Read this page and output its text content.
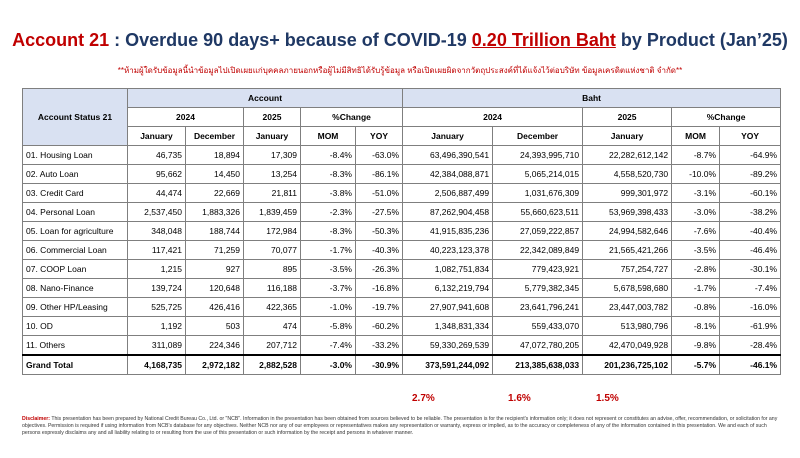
Account 21 : Overdue 90 days+ because of COVID-19 0.20 Trillion Baht by Product (Jan’25)
**ห้ามผู้ใดรับข้อมูลนี้นำข้อมูลไปเปิดเผยแก่บุคคลภายนอกหรือผู้ไม่มีสิทธิได้รับรู้ข้อมูล หรือเปิดเผยผิดจากวัตถุประสงค์ที่ได้แจ้งไว้ต่อบริษัท ข้อมูลเครดิตแห่งชาติ จำกัด**
Account Status 21	Account					Baht				
	2024		2025	%Change		2024		2025	%Change	
	January	December	January	MOM	YOY	January	December	January	MOM	YOY
01. Housing Loan	46,735	18,894	17,309	-8.4%	-63.0%	63,496,390,541	24,393,995,710	22,282,612,142	-8.7%	-64.9%
02. Auto Loan	95,662	14,450	13,254	-8.3%	-86.1%	42,384,088,871	5,065,214,015	4,558,520,730	-10.0%	-89.2%
03. Credit Card	44,474	22,669	21,811	-3.8%	-51.0%	2,506,887,499	1,031,676,309	999,301,972	-3.1%	-60.1%
04. Personal Loan	2,537,450	1,883,326	1,839,459	-2.3%	-27.5%	87,262,904,458	55,660,623,511	53,969,398,433	-3.0%	-38.2%
05. Loan for agriculture	348,048	188,744	172,984	-8.3%	-50.3%	41,915,835,236	27,059,222,857	24,994,582,646	-7.6%	-40.4%
06. Commercial Loan	117,421	71,259	70,077	-1.7%	-40.3%	40,223,123,378	22,342,089,849	21,565,421,266	-3.5%	-46.4%
07. COOP Loan	1,215	927	895	-3.5%	-26.3%	1,082,751,834	779,423,921	757,254,727	-2.8%	-30.1%
08. Nano-Finance	139,724	120,648	116,188	-3.7%	-16.8%	6,132,219,794	5,779,382,345	5,678,598,680	-1.7%	-7.4%
09. Other HP/Leasing	525,725	426,416	422,365	-1.0%	-19.7%	27,907,941,608	23,641,796,241	23,447,003,782	-0.8%	-16.0%
10. OD	1,192	503	474	-5.8%	-60.2%	1,348,831,334	559,433,070	513,980,796	-8.1%	-61.9%
11. Others	311,089	224,346	207,712	-7.4%	-33.2%	59,330,269,539	47,072,780,205	42,470,049,928	-9.8%	-28.4%
Grand Total	4,168,735	2,972,182	2,882,528	-3.0%	-30.9%	373,591,244,092	213,385,638,033	201,236,725,102	-5.7%	-46.1%
2.7%	1.6%	1.5%
Disclaimer: This presentation has been prepared by National Credit Bureau Co., Ltd. or "NCB". Information in the presentation has been obtained from sources believed to be reliable. The presentation is for the recipient's information only; it does not represent or constitutes an advise, offer, recommendation, or solicitation for any objectives. Permission is required if using information from NCB's database for any objectives. Neither NCB nor any of our employees or representatives makes any representation or warranty, express or implied, as to the accuracy or completeness of any of the information contained in this presentation. We and each of such persons expressly disclaims any and all liability relating to or resulting from the use of this presentation or such information by the receipt and persons in whatever manner.
